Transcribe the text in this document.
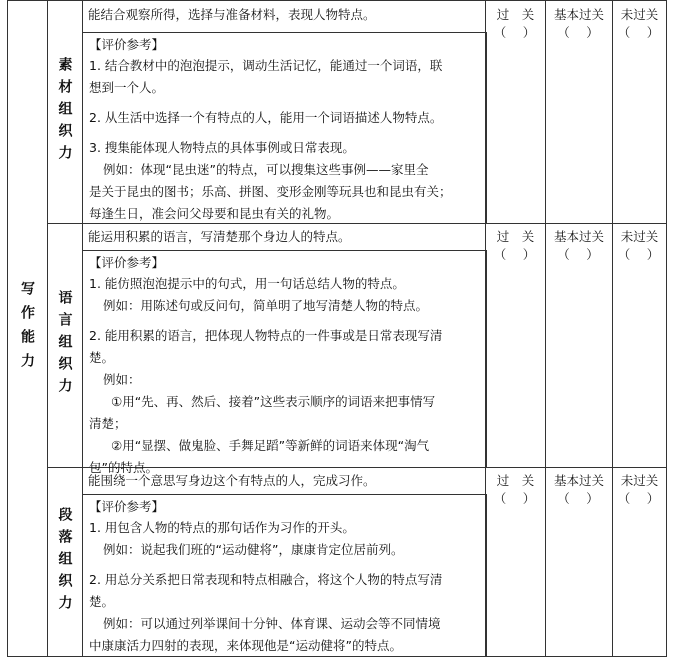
写作能力
素材组织力
语言组织力
段落组织力
能结合观察所得，选择与准备材料，表现人物特点。
【评价参考】
1. 结合教材中的泡泡提示，调动生活记忆，能通过一个词语，联
想到一个人。
2. 从生活中选择一个有特点的人，能用一个词语描述人物特点。
3. 搜集能体现人物特点的具体事例或日常表现。
例如：体现“昆虫迷”的特点，可以搜集这些事例——家里全
是关于昆虫的图书；乐高、拼图、变形金刚等玩具也和昆虫有关；
每逢生日，准会问父母要和昆虫有关的礼物。
能运用积累的语言，写清楚那个身边人的特点。
【评价参考】
1. 能仿照泡泡提示中的句式，用一句话总结人物的特点。
例如：用陈述句或反问句，简单明了地写清楚人物的特点。
2. 能用积累的语言，把体现人物特点的一件事或是日常表现写清
楚。
例如：
①用“先、再、然后、接着”这些表示顺序的词语来把事情写
清楚；
②用“显摆、做鬼脸、手舞足蹈”等新鲜的词语来体现“淘气
包”的特点。
能围绕一个意思写身边这个有特点的人，完成习作。
【评价参考】
1. 用包含人物的特点的那句话作为习作的开头。
例如：说起我们班的“运动健将”，康康肯定位居前列。
2. 用总分关系把日常表现和特点相融合，将这个人物的特点写清
楚。
例如：可以通过列举课间十分钟、体育课、运动会等不同情境
中康康活力四射的表现，来体现他是“运动健将”的特点。
过　关
（　）
基本过关
（　）
未过关
（　）
过　关
（　）
基本过关
（　）
未过关
（　）
过　关
（　）
基本过关
（　）
未过关
（　）
